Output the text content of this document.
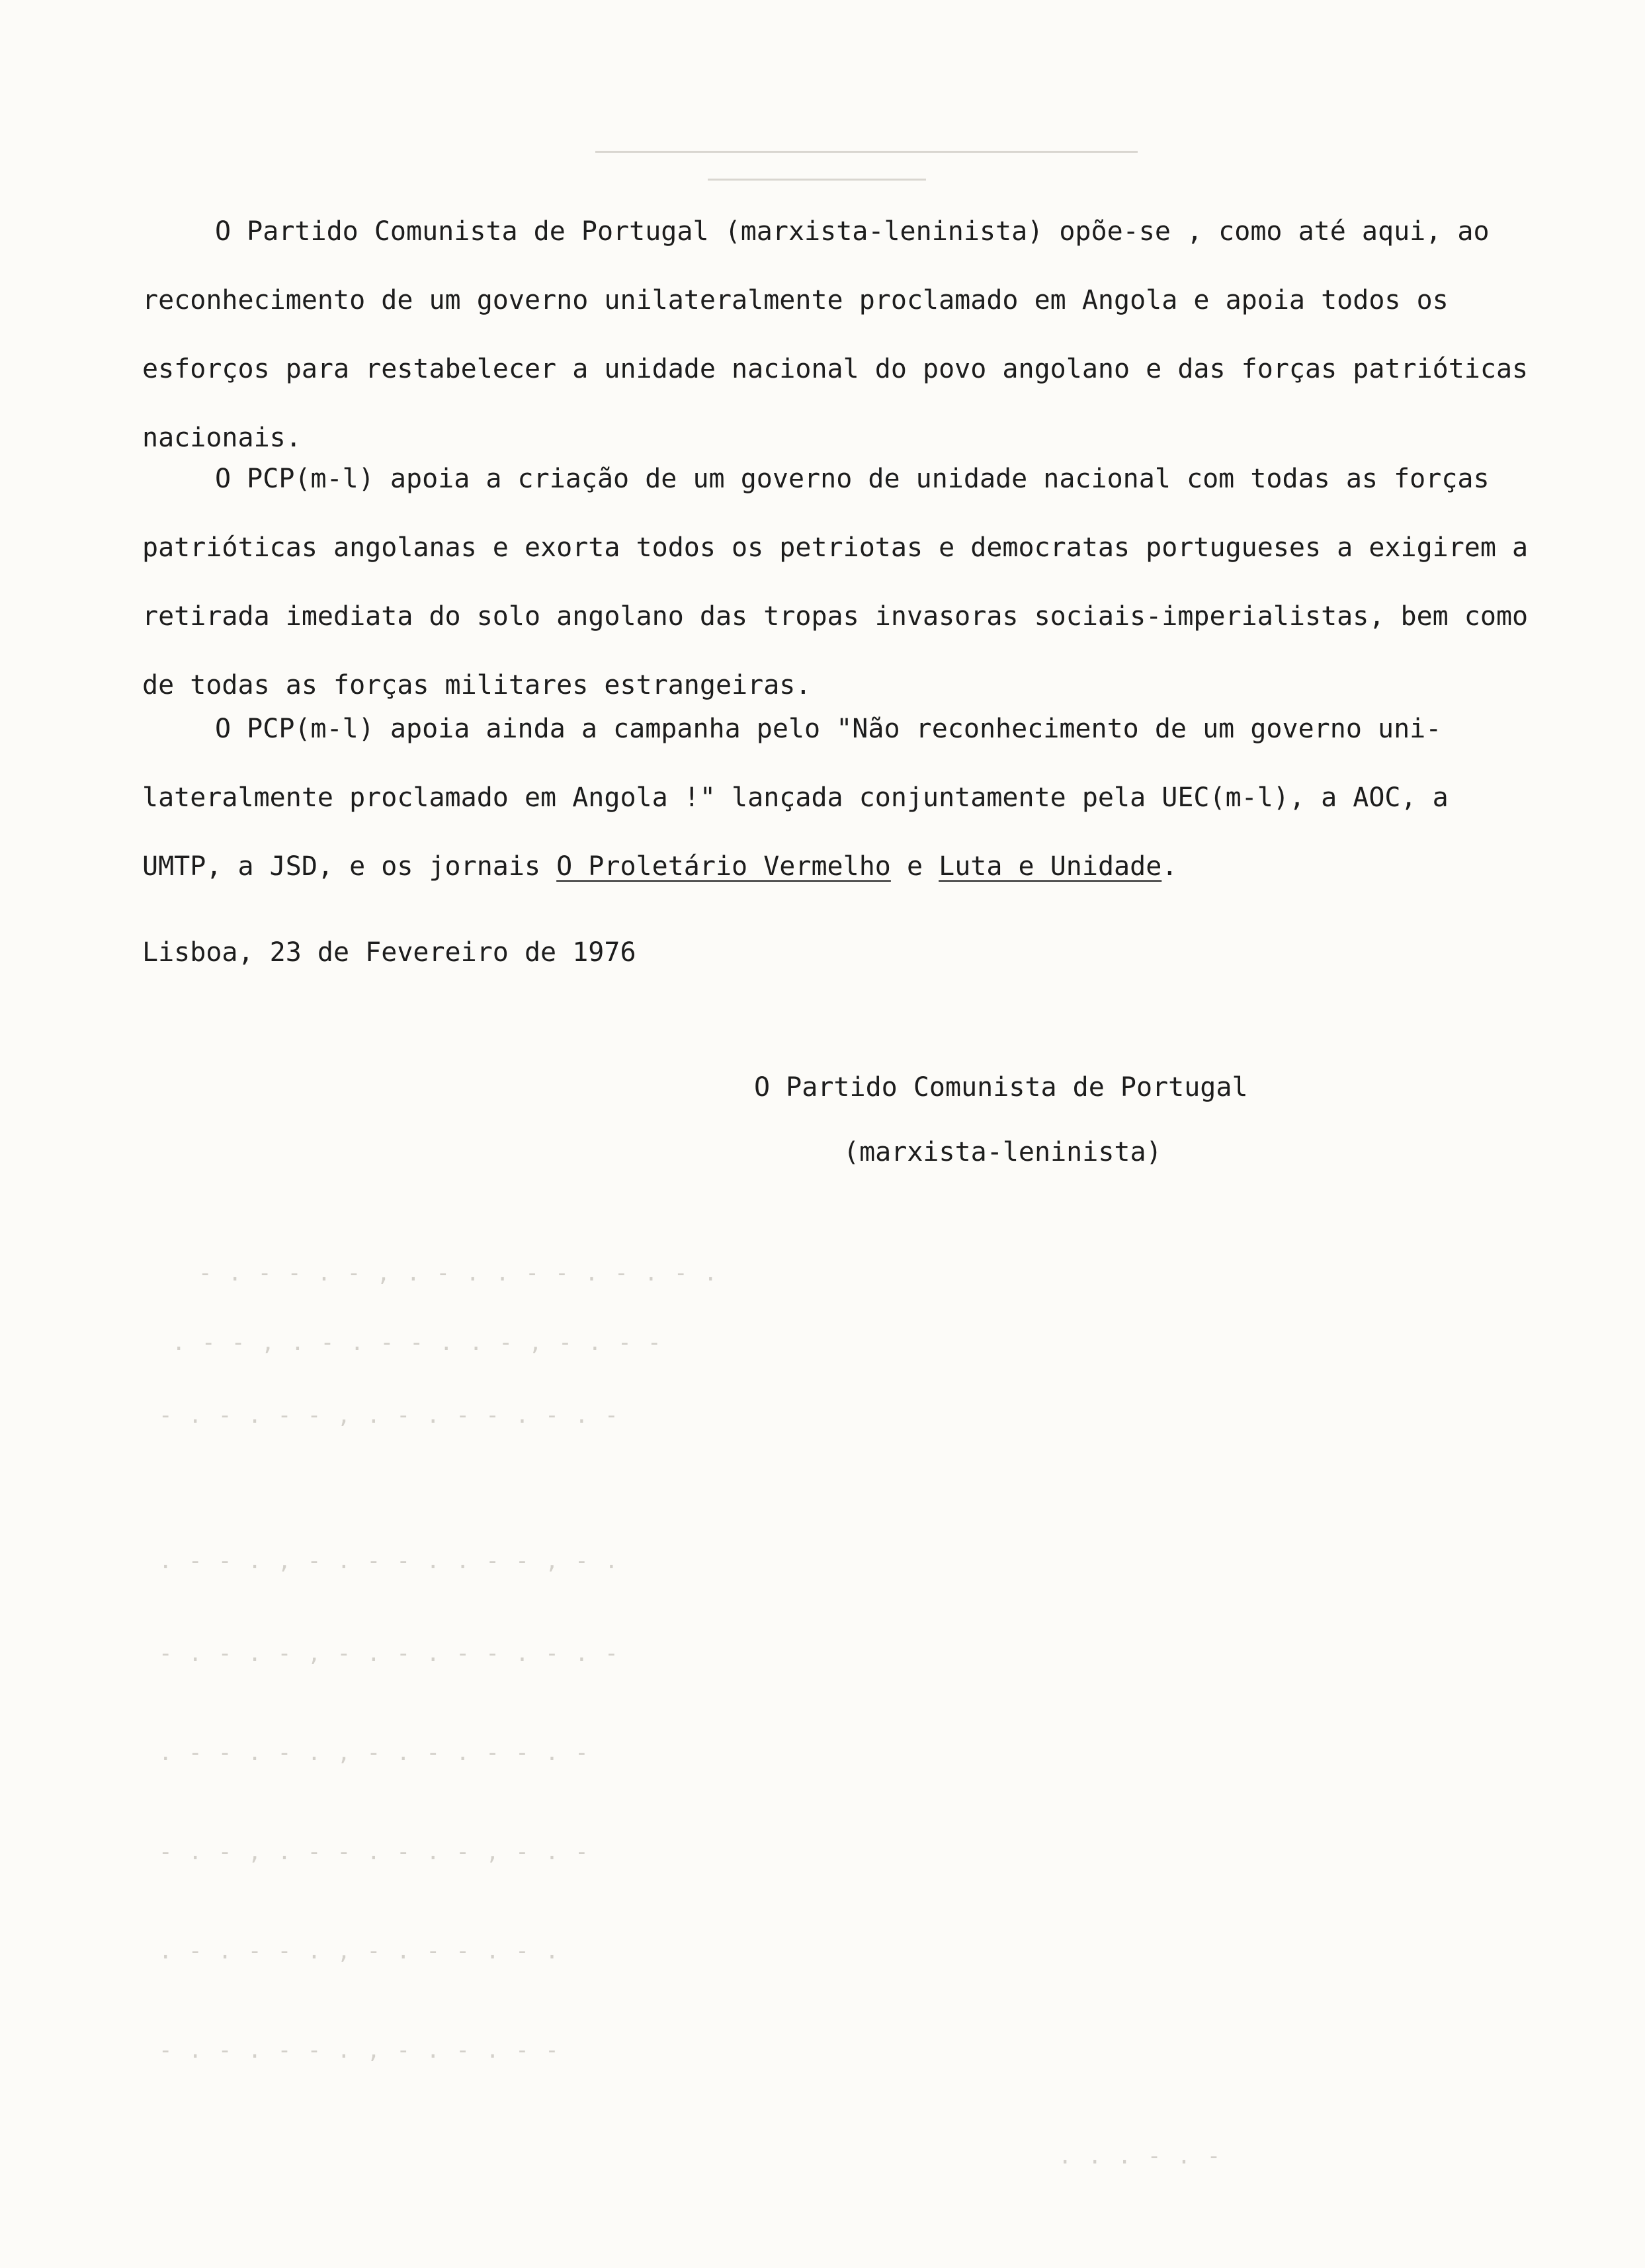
O Partido Comunista de Portugal (marxista-leninista) opõe-se , como até aqui, ao
reconhecimento de um governo unilateralmente proclamado em Angola e apoia todos os
esforços para restabelecer a unidade nacional do povo angolano e das forças patrióticas
nacionais.
O PCP(m-l) apoia a criação de um governo de unidade nacional com todas as forças
patrióticas angolanas e exorta todos os petriotas e democratas portugueses a exigirem a
retirada imediata do solo angolano das tropas invasoras sociais-imperialistas, bem como
de todas as forças militares estrangeiras.
O PCP(m-l) apoia ainda a campanha pelo "Não reconhecimento de um governo uni-
lateralmente proclamado em Angola !" lançada conjuntamente pela UEC(m-l), a AOC, a
UMTP, a JSD, e os jornais O Proletário Vermelho e Luta e Unidade.
Lisboa, 23 de Fevereiro de 1976
O Partido Comunista de Portugal
(marxista-leninista)
- . - - . - , . - . . - - . - . - .
. - - , . - . - - . . - , - . - -
- . - . - - , . - . - - . - . -
. - - . , - . - - . . - - , - .
- . - . - , - . - . - - . - . -
. - - . - . , - . - . - - . -
- . - , . - - . - . - , - . -
. - . - - . , - . - - . - .
- . - . - - . , - . - . - -
. . . - . -
